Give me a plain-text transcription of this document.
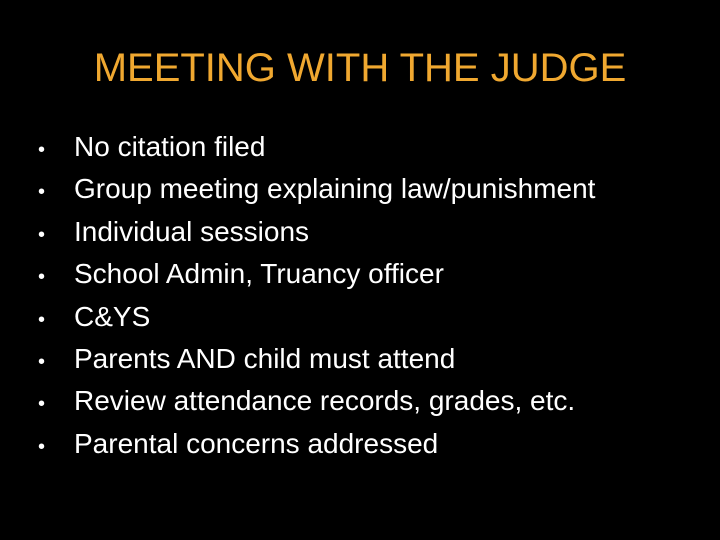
MEETING WITH THE JUDGE
•	No citation filed
•	Group meeting explaining law/punishment
•	Individual sessions
•	School Admin, Truancy officer
•	C&YS
•	Parents AND child must attend
•	Review attendance records, grades, etc.
•	Parental concerns addressed
